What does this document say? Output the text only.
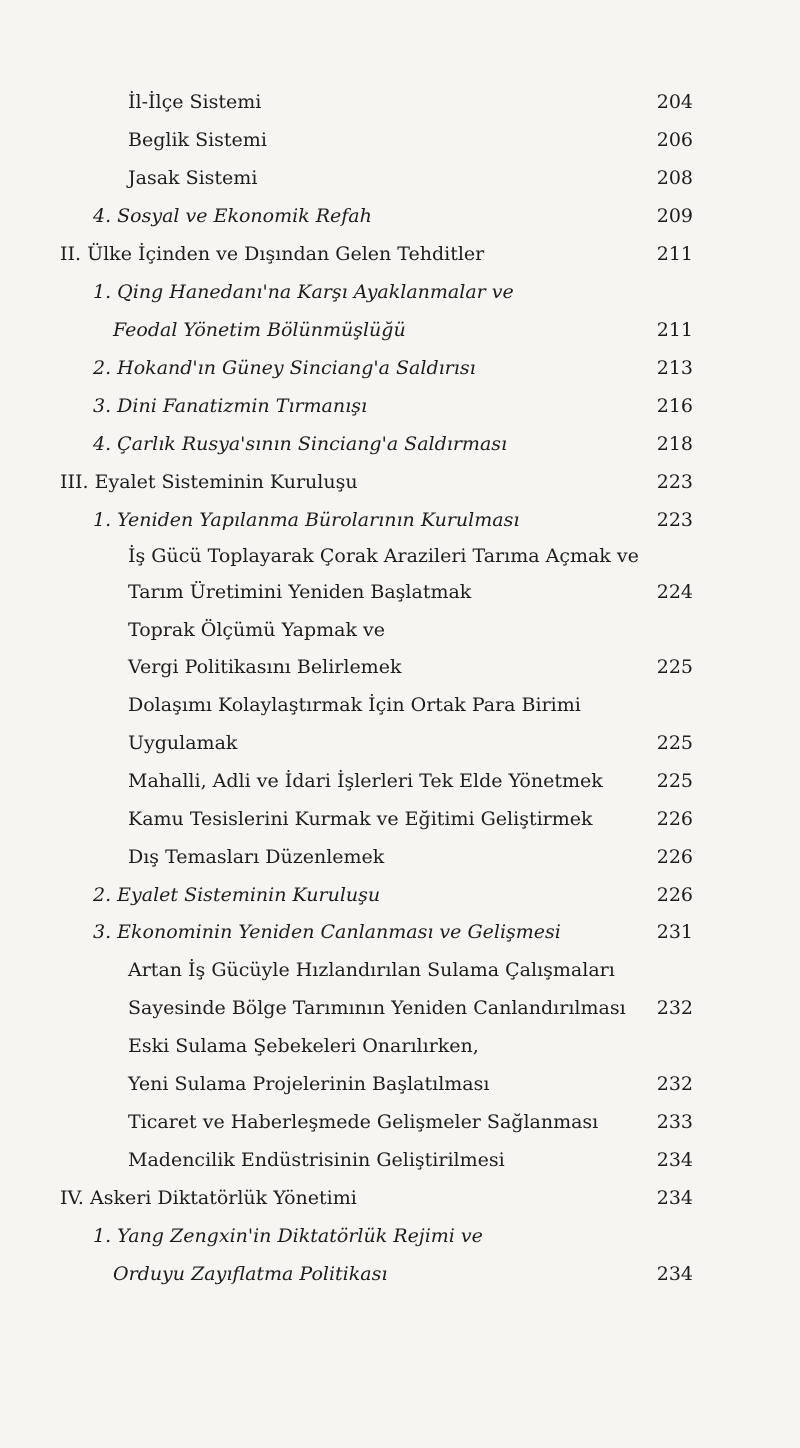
İl-İlçe Sistemi	204
Beglik Sistemi	206
Jasak Sistemi	208
4. Sosyal ve Ekonomik Refah	209
II. Ülke İçinden ve Dışından Gelen Tehditler	211
1. Qing Hanedanı'na Karşı Ayaklanmalar ve
Feodal Yönetim Bölünmüşlüğü	211
2. Hokand'ın Güney Sinciang'a Saldırısı	213
3. Dini Fanatizmin Tırmanışı	216
4. Çarlık Rusya'sının Sinciang'a Saldırması	218
III. Eyalet Sisteminin Kuruluşu	223
1. Yeniden Yapılanma Bürolarının Kurulması	223
İş Gücü Toplayarak Çorak Arazileri Tarıma Açmak ve
Tarım Üretimini Yeniden Başlatmak	224
Toprak Ölçümü Yapmak ve
Vergi Politikasını Belirlemek	225
Dolaşımı Kolaylaştırmak İçin Ortak Para Birimi
Uygulamak	225
Mahalli, Adli ve İdari İşlerleri Tek Elde Yönetmek	225
Kamu Tesislerini Kurmak ve Eğitimi Geliştirmek	226
Dış Temasları Düzenlemek	226
2. Eyalet Sisteminin Kuruluşu	226
3. Ekonominin Yeniden Canlanması ve Gelişmesi	231
Artan İş Gücüyle Hızlandırılan Sulama Çalışmaları
Sayesinde Bölge Tarımının Yeniden Canlandırılması 232
Eski Sulama Şebekeleri Onarılırken,
Yeni Sulama Projelerinin Başlatılması	232
Ticaret ve Haberleşmede Gelişmeler Sağlanması	233
Madencilik Endüstrisinin Geliştirilmesi	234
IV. Askeri Diktatörlük Yönetimi	234
1. Yang Zengxin'in Diktatörlük Rejimi ve
Orduyu Zayıflatma Politikası	234
